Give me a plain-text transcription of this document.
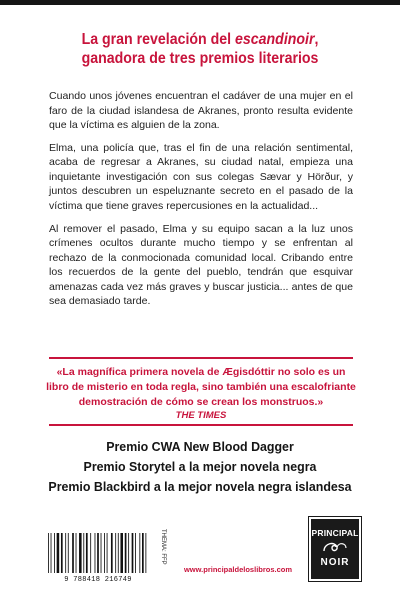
La gran revelación del escandinoir,
ganadora de tres premios literarios

Cuando unos jóvenes encuentran el cadáver de una mujer en el faro de la ciudad islandesa de Akranes, pronto resulta evidente que la víctima es alguien de la zona.

Elma, una policía que, tras el fin de una relación sentimental, acaba de regresar a Akranes, su ciudad natal, empieza una inquietante investigación con sus colegas Sævar y Hörður, y juntos descubren un espeluznante secreto en el pasado de la víctima que tiene graves repercusiones en la actualidad...

Al remover el pasado, Elma y su equipo sacan a la luz unos crímenes ocultos durante mucho tiempo y se enfrentan al rechazo de la conmocionada comunidad local. Cribando entre los recuerdos de la gente del pueblo, tendrán que esquivar amenazas cada vez más graves y buscar justicia... antes de que sea demasiado tarde.

«La magnífica primera novela de Ægisdóttir no solo es un libro de misterio en toda regla, sino también una escalofriante demostración de cómo se crean los monstruos.»
THE TIMES
Premio CWA New Blood Dagger
Premio Storytel a la mejor novela negra
Premio Blackbird a la mejor novela negra islandesa
9 788418 216749
THEMA: FFP
www.principaldeloslibros.com
PRINCIPAL
NOIR
